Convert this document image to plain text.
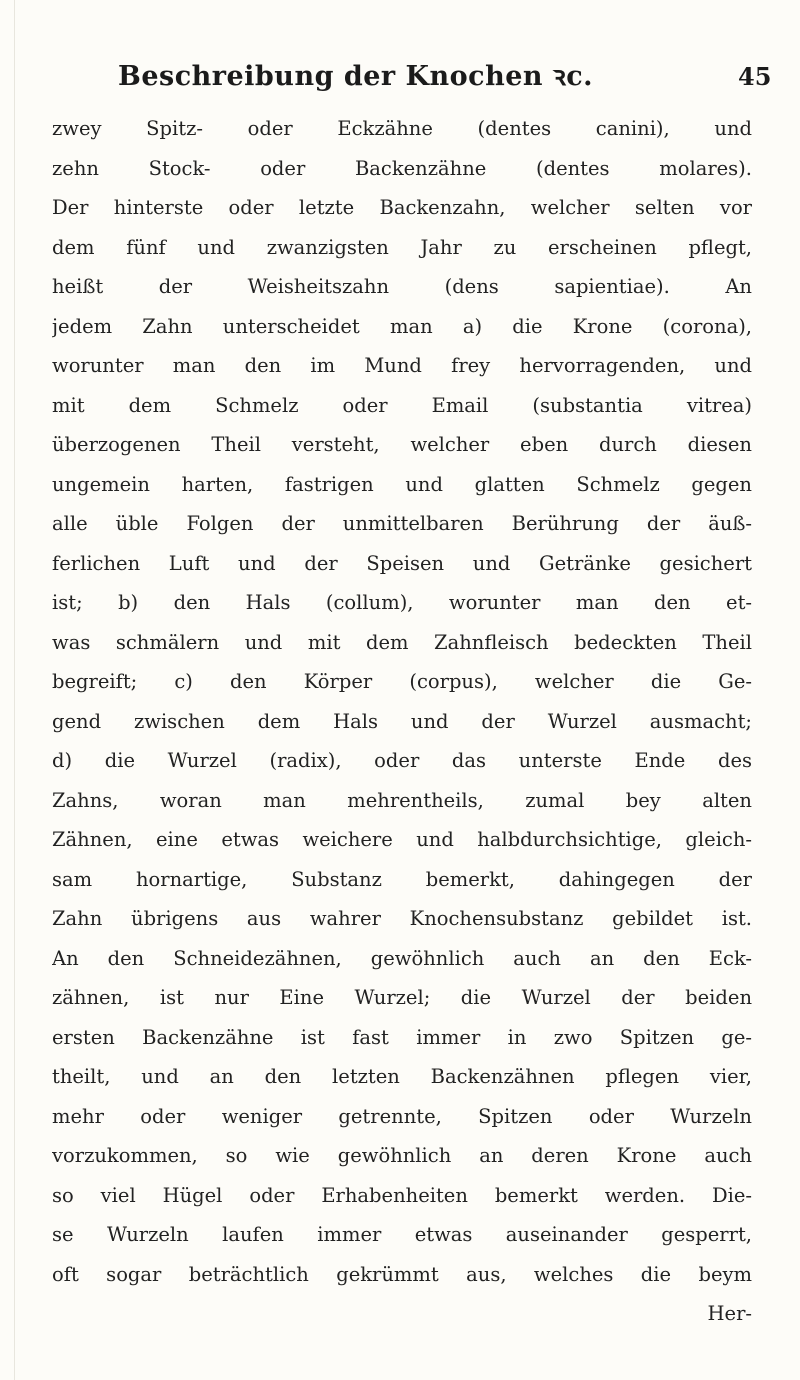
Beschreibung der Knochen ꝛc.	45
zwey Spitz- oder Eckzähne (dentes canini), und
zehn Stock- oder Backenzähne (dentes molares).
Der hinterste oder letzte Backenzahn, welcher selten vor
dem fünf und zwanzigsten Jahr zu erscheinen pflegt,
heißt der Weisheitszahn (dens sapientiae). An
jedem Zahn unterscheidet man a) die Krone (corona),
worunter man den im Mund frey hervorragenden, und
mit dem Schmelz oder Email (substantia vitrea)
überzogenen Theil versteht, welcher eben durch diesen
ungemein harten, fastrigen und glatten Schmelz gegen
alle üble Folgen der unmittelbaren Berührung der äuß-
ferlichen Luft und der Speisen und Getränke gesichert
ist; b) den Hals (collum), worunter man den et-
was schmälern und mit dem Zahnfleisch bedeckten Theil
begreift; c) den Körper (corpus), welcher die Ge-
gend zwischen dem Hals und der Wurzel ausmacht;
d) die Wurzel (radix), oder das unterste Ende des
Zahns, woran man mehrentheils, zumal bey alten
Zähnen, eine etwas weichere und halbdurchsichtige, gleich-
sam hornartige, Substanz bemerkt, dahingegen der
Zahn übrigens aus wahrer Knochensubstanz gebildet ist.
An den Schneidezähnen, gewöhnlich auch an den Eck-
zähnen, ist nur Eine Wurzel; die Wurzel der beiden
ersten Backenzähne ist fast immer in zwo Spitzen ge-
theilt, und an den letzten Backenzähnen pflegen vier,
mehr oder weniger getrennte, Spitzen oder Wurzeln
vorzukommen, so wie gewöhnlich an deren Krone auch
so viel Hügel oder Erhabenheiten bemerkt werden. Die-
se Wurzeln laufen immer etwas auseinander gesperrt,
oft sogar beträchtlich gekrümmt aus, welches die beym
Her-
